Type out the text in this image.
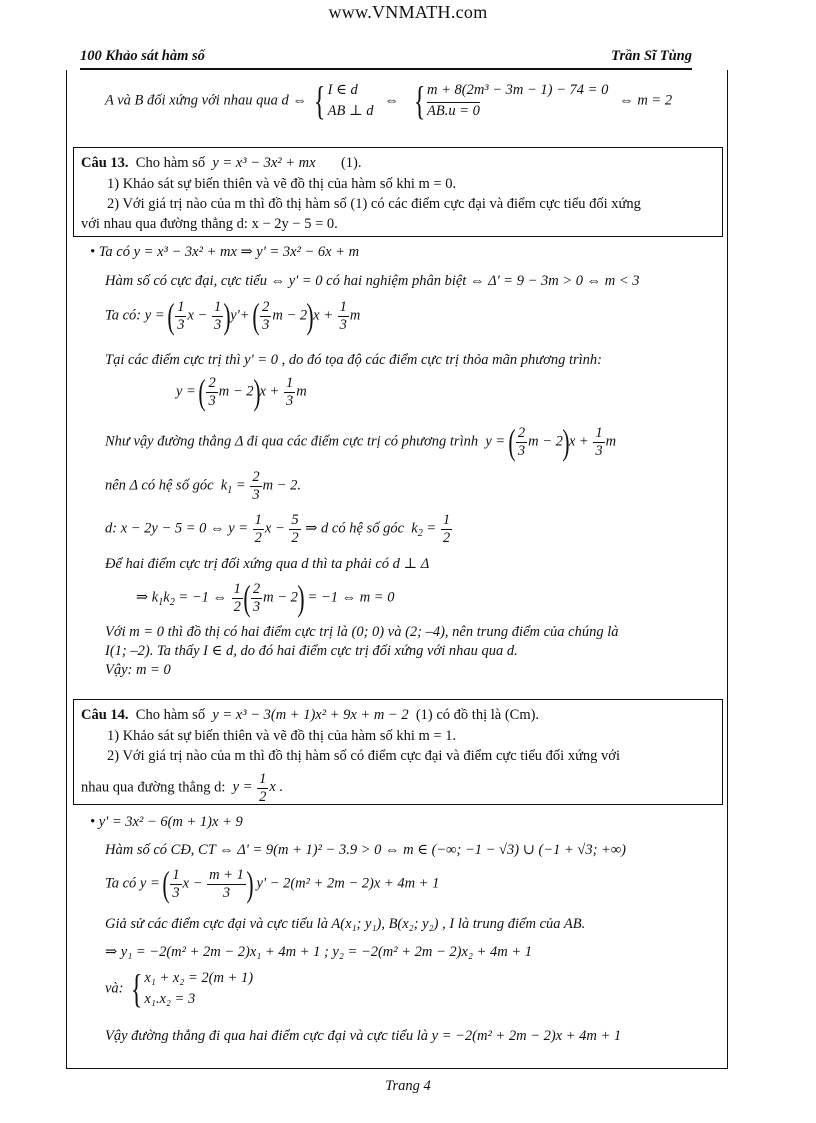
www.VNMATH.com
100 Khảo sát hàm số	Trần Sĩ Tùng
A và B đối xứng với nhau qua d ⇔ { I ∈ d
AB ⊥ d   ⇔ { $\frac{\text{m + 8(2m³ − 3m − 1) − 74 = 0}}{AB.u = 0}$ ⇔ m = 2

Câu 13. Cho hàm số y = x³ − 3x² + mx (1).

1) Khảo sát sự biến thiên và vẽ đồ thị của hàm số khi m = 0.

2) Với giá trị nào của m thì đồ thị hàm số (1) có các điểm cực đại và điểm cực tiểu đối xứng

với nhau qua đường thẳng d: x − 2y − 5 = 0.

• Ta có y = x³ − 3x² + mx ⇒ y' = 3x² − 6x + m
Hàm số có cực đại, cực tiểu ⇔ y' = 0 có hai nghiệm phân biệt ⇔ Δ' = 9 − 3m > 0 ⇔ m < 3
Ta có: y = ( $\frac{1}{3}$ $x - \frac{1}{3} )y'+$ ( $\frac{2}{3}$ $m - 2)x + \frac{1}{3}$ m
Tại các điểm cực trị thì y' = 0 , do đó tọa độ các điểm cực trị thỏa mãn phương trình:
y = ( $\frac{2}{3}$ $m - 2)x + \frac{1}{3}$ m
Như vậy đường thẳng Δ đi qua các điểm cực trị có phương trình  y = ( $\frac{2}{3}$ $m - 2)x + \frac{1}{3}$ m
nên Δ có hệ số góc  $k_1 = \frac{2}{3}$ m − 2.
d: x − 2y − 5 = 0 ⇔ $y = \frac{1}{2}$ $x - \frac{5}{2}$ ⇒ d có hệ số góc  $k_2 = \frac{1}{2}$
Để hai điểm cực trị đối xứng qua d thì ta phải có d ⊥ Δ
⇒ $k_1k_2 = -1$ ⇔ $\frac{1}{2}$ ( $\frac{2}{3}$ m − 2) = −1 ⇔ m = 0
Với m = 0 thì đồ thị có hai điểm cực trị là (0; 0) và (2; –4), nên trung điểm của chúng là
I(1; –2). Ta thấy I ∈ d, do đó hai điểm cực trị đối xứng với nhau qua d.
Vậy: m = 0

Câu 14. Cho hàm số y = x³ − 3(m + 1)x² + 9x + m − 2 (1) có đồ thị là (Cm).

1) Khảo sát sự biến thiên và vẽ đồ thị của hàm số khi m = 1.

2) Với giá trị nào của m thì đồ thị hàm số có điểm cực đại và điểm cực tiểu đối xứng với

nhau qua đường thẳng d: $y = \frac{1}{2}$ x .

• y' = 3x² − 6(m + 1)x + 9
Hàm số có CĐ, CT ⇔ Δ' = 9(m + 1)² − 3.9 > 0 ⇔ m ∈ (−∞; −1 − √3) ∪ (−1 + √3; +∞)
Ta có y = ( $\frac{1}{3}$ $x - \frac{m + 1}{3}$ ) y' − 2(m² + 2m − 2)x + 4m + 1
Giả sử các điểm cực đại và cực tiểu là A(x₁; y₁), B(x₂; y₂) , I là trung điểm của AB.
⇒ y₁ = −2(m² + 2m − 2)x₁ + 4m + 1 ; y₂ = −2(m² + 2m − 2)x₂ + 4m + 1
và: { x₁ + x₂ = 2(m + 1)
x₁.x₂ = 3
Vậy đường thẳng đi qua hai điểm cực đại và cực tiểu là y = −2(m² + 2m − 2)x + 4m + 1
Trang 4
